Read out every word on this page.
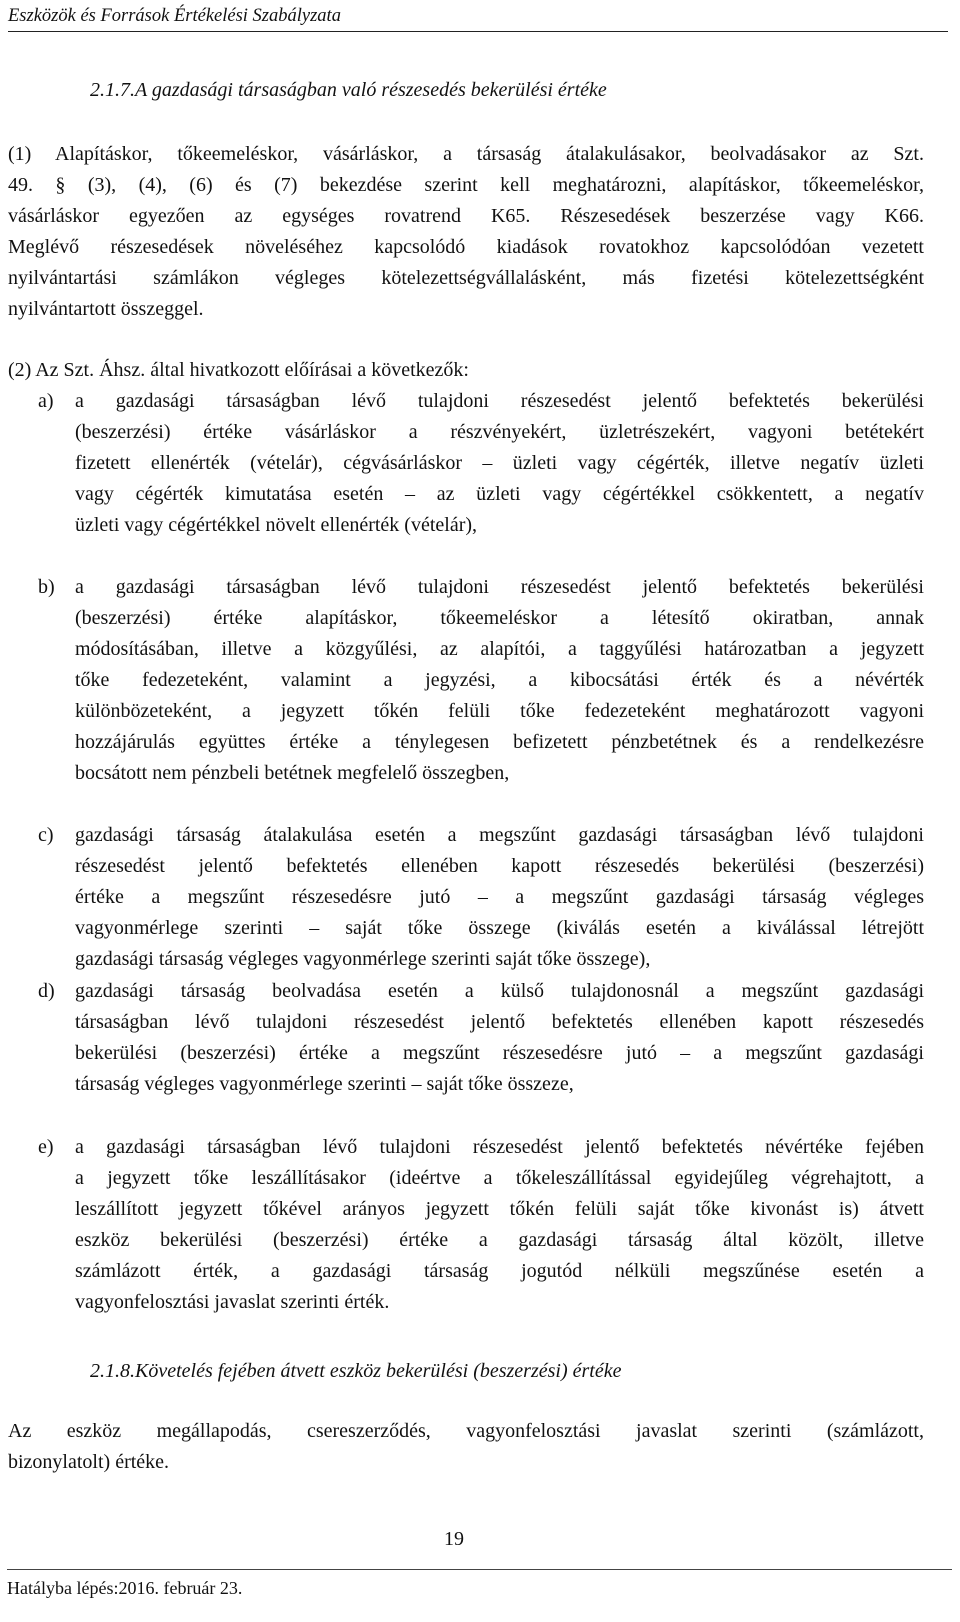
Eszközök és Források Értékelési Szabályzata
2.1.7.A gazdasági társaságban való részesedés bekerülési értéke
(1) Alapításkor, tőkeemeléskor, vásárláskor, a társaság átalakulásakor, beolvadásakor az Szt.
49. § (3), (4), (6) és (7) bekezdése szerint kell meghatározni, alapításkor, tőkeemeléskor,
vásárláskor egyezően az egységes rovatrend K65. Részesedések beszerzése vagy K66.
Meglévő részesedések növeléséhez kapcsolódó kiadások rovatokhoz kapcsolódóan vezetett
nyilvántartási számlákon végleges kötelezettségvállalásként, más fizetési kötelezettségként
nyilvántartott összeggel.
(2) Az Szt. Áhsz. által hivatkozott előírásai a következők:
a) a gazdasági társaságban lévő tulajdoni részesedést jelentő befektetés bekerülési
(beszerzési) értéke vásárláskor a részvényekért, üzletrészekért, vagyoni betétekért
fizetett ellenérték (vételár), cégvásárláskor – üzleti vagy cégérték, illetve negatív üzleti
vagy cégérték kimutatása esetén – az üzleti vagy cégértékkel csökkentett, a negatív
üzleti vagy cégértékkel növelt ellenérték (vételár),
b) a gazdasági társaságban lévő tulajdoni részesedést jelentő befektetés bekerülési
(beszerzési) értéke alapításkor, tőkeemeléskor a létesítő okiratban, annak
módosításában, illetve a közgyűlési, az alapítói, a taggyűlési határozatban a jegyzett
tőke fedezeteként, valamint a jegyzési, a kibocsátási érték és a névérték
különbözeteként, a jegyzett tőkén felüli tőke fedezeteként meghatározott vagyoni
hozzájárulás együttes értéke a ténylegesen befizetett pénzbetétnek és a rendelkezésre
bocsátott nem pénzbeli betétnek megfelelő összegben,
c) gazdasági társaság átalakulása esetén a megszűnt gazdasági társaságban lévő tulajdoni
részesedést jelentő befektetés ellenében kapott részesedés bekerülési (beszerzési)
értéke a megszűnt részesedésre jutó – a megszűnt gazdasági társaság végleges
vagyonmérlege szerinti – saját tőke összege (kiválás esetén a kiválással létrejött
gazdasági társaság végleges vagyonmérlege szerinti saját tőke összege),
d) gazdasági társaság beolvadása esetén a külső tulajdonosnál a megszűnt gazdasági
társaságban lévő tulajdoni részesedést jelentő befektetés ellenében kapott részesedés
bekerülési (beszerzési) értéke a megszűnt részesedésre jutó – a megszűnt gazdasági
társaság végleges vagyonmérlege szerinti – saját tőke összeze,
e) a gazdasági társaságban lévő tulajdoni részesedést jelentő befektetés névértéke fejében
a jegyzett tőke leszállításakor (ideértve a tőkeleszállítással egyidejűleg végrehajtott, a
leszállított jegyzett tőkével arányos jegyzett tőkén felüli saját tőke kivonást is) átvett
eszköz bekerülési (beszerzési) értéke a gazdasági társaság által közölt, illetve
számlázott érték, a gazdasági társaság jogutód nélküli megszűnése esetén a
vagyonfelosztási javaslat szerinti érték.
2.1.8.Követelés fejében átvett eszköz bekerülési (beszerzési) értéke
Az eszköz megállapodás, csereszerződés, vagyonfelosztási javaslat szerinti (számlázott,
bizonylatolt) értéke.
19
Hatályba lépés:2016. február 23.
